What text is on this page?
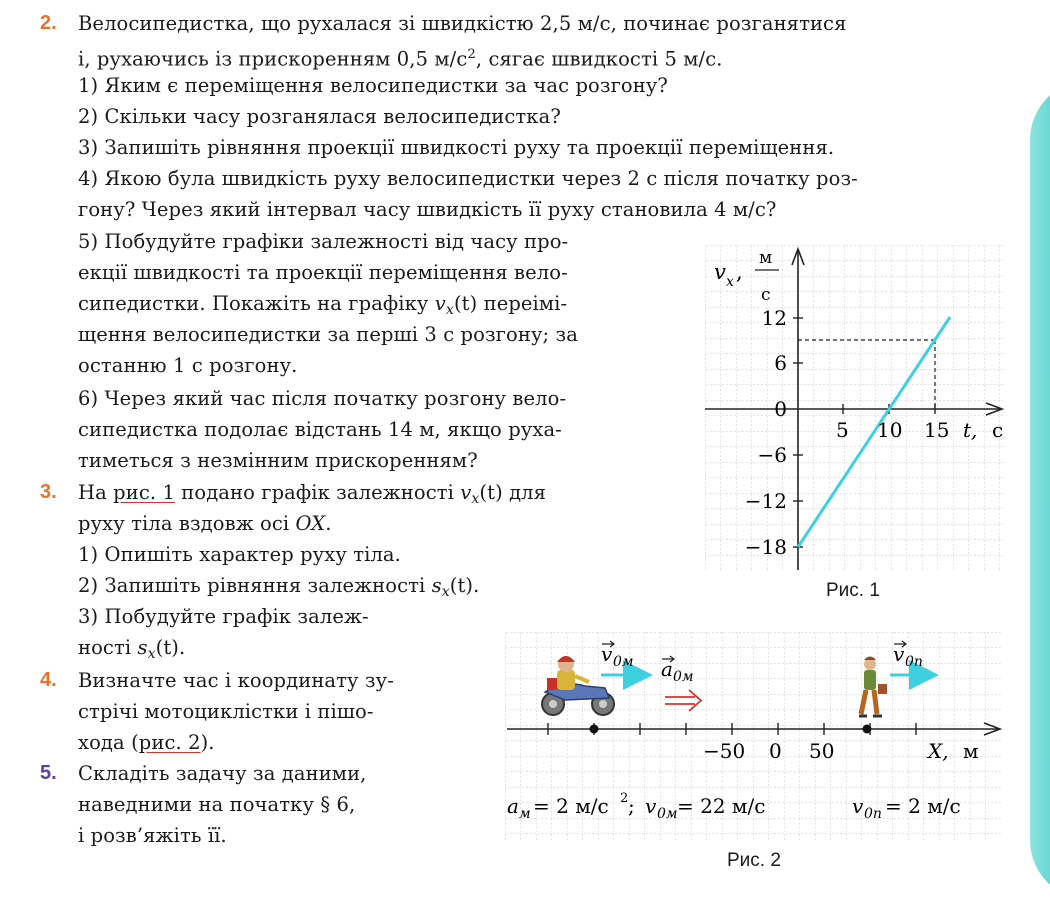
2. Велосипедистка, що рухалася зі швидкістю 2,5 м/с, починає розганятися
і, рухаючись із прискоренням 0,5 $м/с^2$, сягає швидкості 5 м/с.
1) Яким є переміщення велосипедистки за час розгону?
2) Скільки часу розганялася велосипедистка?
3) Запишіть рівняння проекції швидкості руху та проекції переміщення.
4) Якою була швидкість руху велосипедистки через 2 с після початку роз-
гону? Через який інтервал часу швидкість її руху становила 4 м/с?
5) Побудуйте графіки залежності від часу про-
екції швидкості та проекції переміщення вело-
сипедистки. Покажіть на графіку $v_x(t)$ переімі-
щення велосипедистки за перші 3 с розгону; за
останню 1 с розгону.
6) Через який час після початку розгону вело-
сипедистка подолає відстань 14 м, якщо руха-
тиметься з незмінним прискоренням?
3. На рис. 1 подано графік залежності $v_x(t)$ для
руху тіла вздовж осі OX.
1) Опишіть характер руху тіла.
2) Запишіть рівняння залежності $s_x(t)$.
3) Побудуйте графік залеж-
ності $s_x(t)$.
4. Визначте час і координату зу-
стрічі мотоциклістки і пішо-
хода (рис. 2).
5. Складіть задачу за даними,
наведними на початку § 6,
і розв’яжіть її.
5 10 15 t, с
12
6
0
−6
−12
−18
v x ,
м
с
Рис. 1
−50 0 50	X, м
v 0м a 0м
v 0п
a м = 2 м/с 2 ; v 0м = 22 м/с	v 0п = 2 м/с
Рис. 2
